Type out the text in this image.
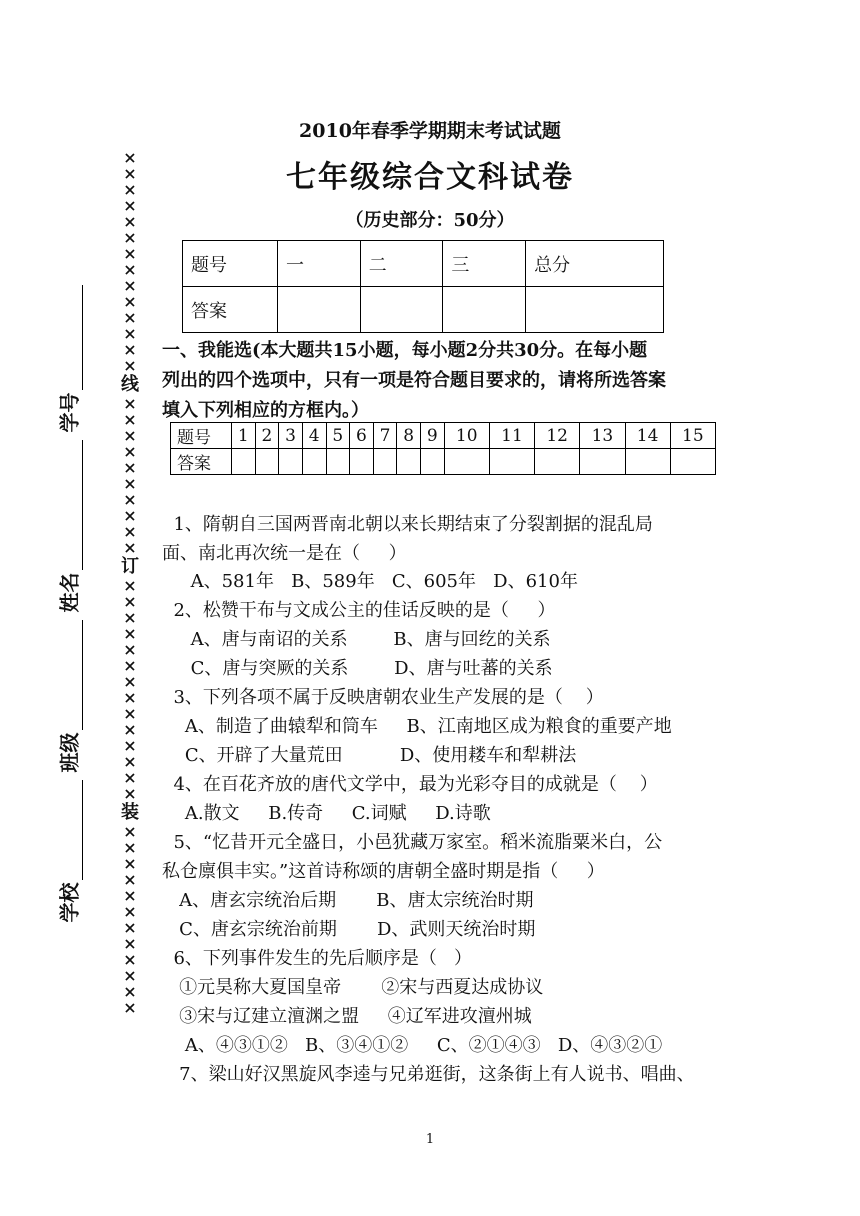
2010年春季学期期末考试试题
七年级综合文科试卷
（历史部分：50分）
题号	一	二	三	总分
答案				
一、我能选(本大题共15小题，每小题2分共30分。在每小题
列出的四个选项中，只有一项是符合题目要求的，请将所选答案
填入下列相应的方框内。）
题号	1	2	3	4	5	6	7	8	9	10	11	12	13	14	15
答案															
1、隋朝自三国两晋南北朝以来长期结束了分裂割据的混乱局
面、南北再次统一是在（     ）
A、581年   B、589年   C、605年   D、610年
2、松赞干布与文成公主的佳话反映的是（     ）
A、唐与南诏的关系        B、唐与回纥的关系
C、唐与突厥的关系        D、唐与吐蕃的关系
3、下列各项不属于反映唐朝农业生产发展的是（    ）
A、制造了曲辕犁和筒车     B、江南地区成为粮食的重要产地
C、开辟了大量荒田          D、使用耧车和犁耕法
4、在百花齐放的唐代文学中，最为光彩夺目的成就是（    ）
A.散文     B.传奇     C.词赋     D.诗歌
5、“忆昔开元全盛日，小邑犹藏万家室。稻米流脂粟米白，公
私仓廪俱丰实。”这首诗称颂的唐朝全盛时期是指（     ）
A、唐玄宗统治后期       B、唐太宗统治时期
C、唐玄宗统治前期       D、武则天统治时期
6、下列事件发生的先后顺序是（   ）
①元昊称大夏国皇帝       ②宋与西夏达成协议
③宋与辽建立澶渊之盟     ④辽军进攻澶州城
A、④③①②   B、③④①②     C、②①④③   D、④③②①
7、梁山好汉黑旋风李逵与兄弟逛街，这条街上有人说书、唱曲、
×
×
×
×
×
×
×
×
×
×
×
×
×
×
线
×
×
×
×
×
×
×
×
×
×
订
×
×
×
×
×
×
×
×
×
×
×
×
×
×
装
×
×
×
×
×
×
×
×
×
×
×
×
学号
姓名
班级
学校
1
